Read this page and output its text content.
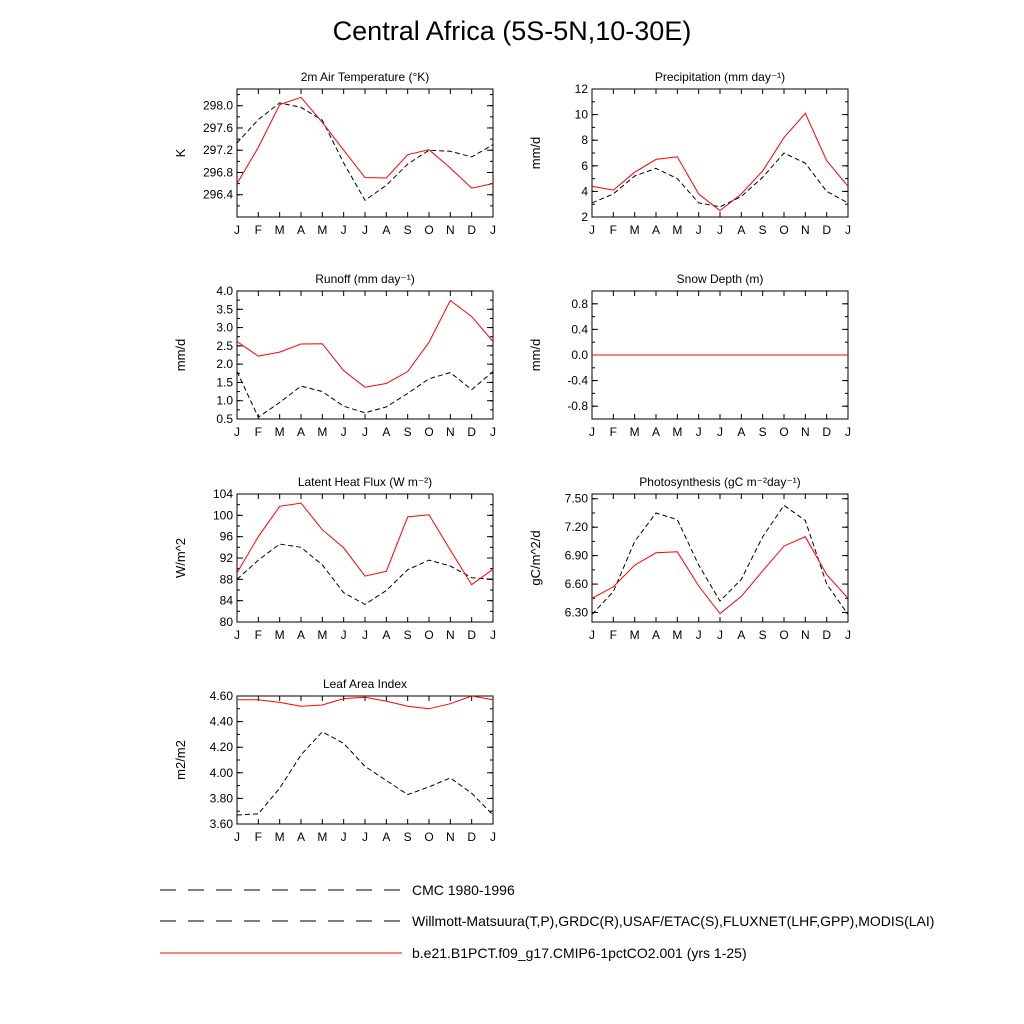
Central Africa (5S-5N,10-30E)
2m Air Temperature (°K)
K
J F M A M J J A S O N D J
296.4
296.8
297.2
297.6
298.0
Precipitation (mm day⁻¹)
mm/d
J F M A M J J A S O N D J
2
4
6
8
10
12
Runoff (mm day⁻¹)
mm/d
J F M A M J J A S O N D J
0.5
1.0
1.5
2.0
2.5
3.0
3.5
4.0
Snow Depth (m)
mm/d
J F M A M J J A S O N D J
-0.8
-0.4
0.0
0.4
0.8
Latent Heat Flux (W m⁻²)
W/m^2
J F M A M J J A S O N D J
80
84
88
92
96
100
104
Photosynthesis (gC m⁻²day⁻¹)
gC/m^2/d
J F M A M J J A S O N D J
6.30
6.60
6.90
7.20
7.50
Leaf Area Index
m2/m2
J F M A M J J A S O N D J
3.60
3.80
4.00
4.20
4.40
4.60
CMC 1980-1996
Willmott-Matsuura(T,P),GRDC(R),USAF/ETAC(S),FLUXNET(LHF,GPP),MODIS(LAI)
b.e21.B1PCT.f09_g17.CMIP6-1pctCO2.001 (yrs 1-25)
